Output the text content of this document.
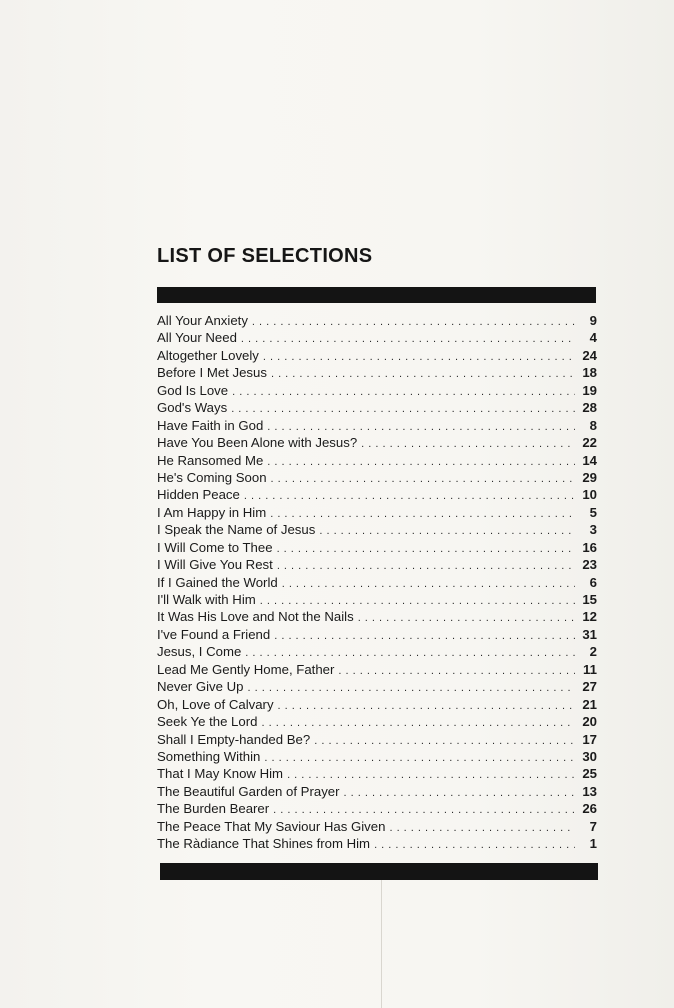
LIST OF SELECTIONS
All Your Anxiety . . .	9
All Your Need . . .	4
Altogether Lovely . . .	24
Before I Met Jesus . . .	18
God Is Love . . .	19
God's Ways . . .	28
Have Faith in God . . .	8
Have You Been Alone with Jesus? . . .	22
He Ransomed Me . . .	14
He's Coming Soon . . .	29
Hidden Peace . . .	10
I Am Happy in Him . . .	5
I Speak the Name of Jesus . . .	3
I Will Come to Thee . . .	16
I Will Give You Rest . . .	23
If I Gained the World . . .	6
I'll Walk with Him . . .	15
It Was His Love and Not the Nails . . .	12
I've Found a Friend . . .	31
Jesus, I Come . . .	2
Lead Me Gently Home, Father . . .	11
Never Give Up . . .	27
Oh, Love of Calvary . . .	21
Seek Ye the Lord . . .	20
Shall I Empty-handed Be? . . .	17
Something Within . . .	30
That I May Know Him . . .	25
The Beautiful Garden of Prayer . . .	13
The Burden Bearer . . .	26
The Peace That My Saviour Has Given . . .	7
The Ràdiance That Shines from Him . . .	1
